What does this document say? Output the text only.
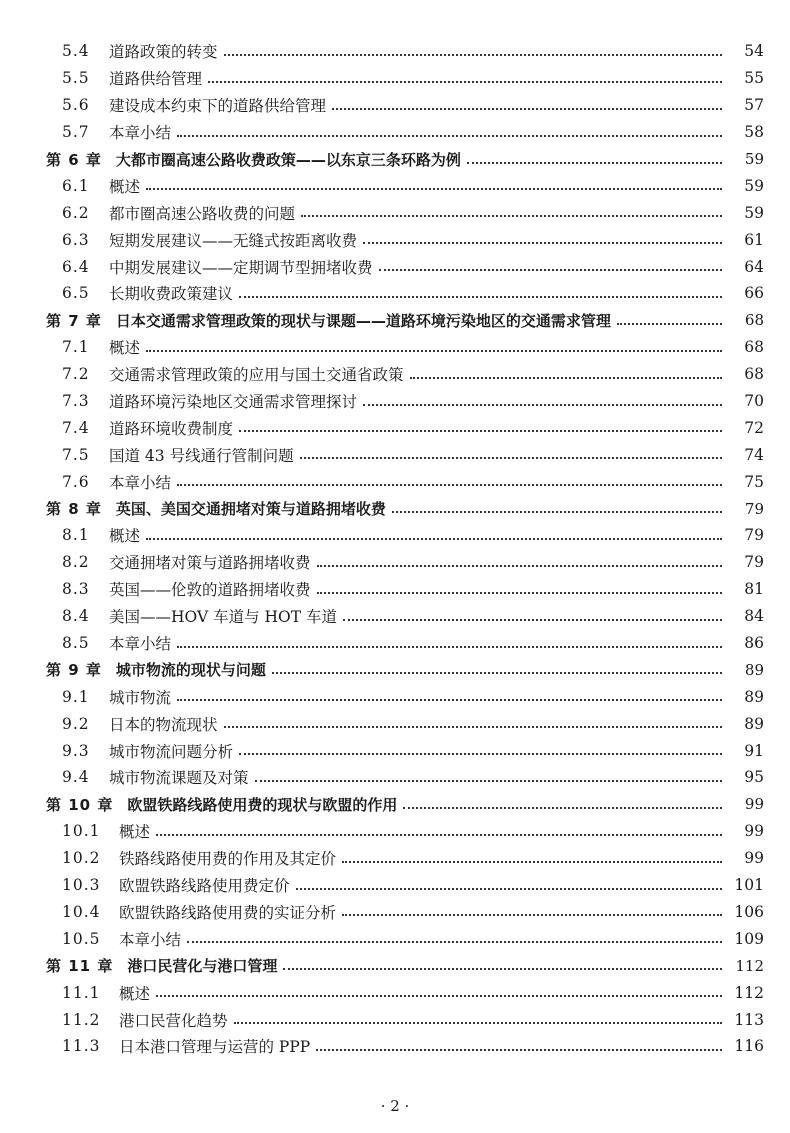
5.4	道路政策的转变	54
5.5	道路供给管理	55
5.6	建设成本约束下的道路供给管理	57
5.7	本章小结	58
第 6 章 大都市圈高速公路收费政策——以东京三条环路为例	59
6.1	概述	59
6.2	都市圈高速公路收费的问题	59
6.3	短期发展建议——无缝式按距离收费	61
6.4	中期发展建议——定期调节型拥堵收费	64
6.5	长期收费政策建议	66
第 7 章 日本交通需求管理政策的现状与课题——道路环境污染地区的交通需求管理	68
7.1	概述	68
7.2	交通需求管理政策的应用与国土交通省政策	68
7.3	道路环境污染地区交通需求管理探讨	70
7.4	道路环境收费制度	72
7.5	国道 43 号线通行管制问题	74
7.6	本章小结	75
第 8 章 英国、美国交通拥堵对策与道路拥堵收费	79
8.1	概述	79
8.2	交通拥堵对策与道路拥堵收费	79
8.3	英国——伦敦的道路拥堵收费	81
8.4	美国——HOV 车道与 HOT 车道	84
8.5	本章小结	86
第 9 章 城市物流的现状与问题	89
9.1	城市物流	89
9.2	日本的物流现状	89
9.3	城市物流问题分析	91
9.4	城市物流课题及对策	95
第 10 章 欧盟铁路线路使用费的现状与欧盟的作用	99
10.1	概述	99
10.2	铁路线路使用费的作用及其定价	99
10.3	欧盟铁路线路使用费定价	101
10.4	欧盟铁路线路使用费的实证分析	106
10.5	本章小结	109
第 11 章 港口民营化与港口管理	112
11.1	概述	112
11.2	港口民营化趋势	113
11.3	日本港口管理与运营的 PPP	116
· 2 ·
